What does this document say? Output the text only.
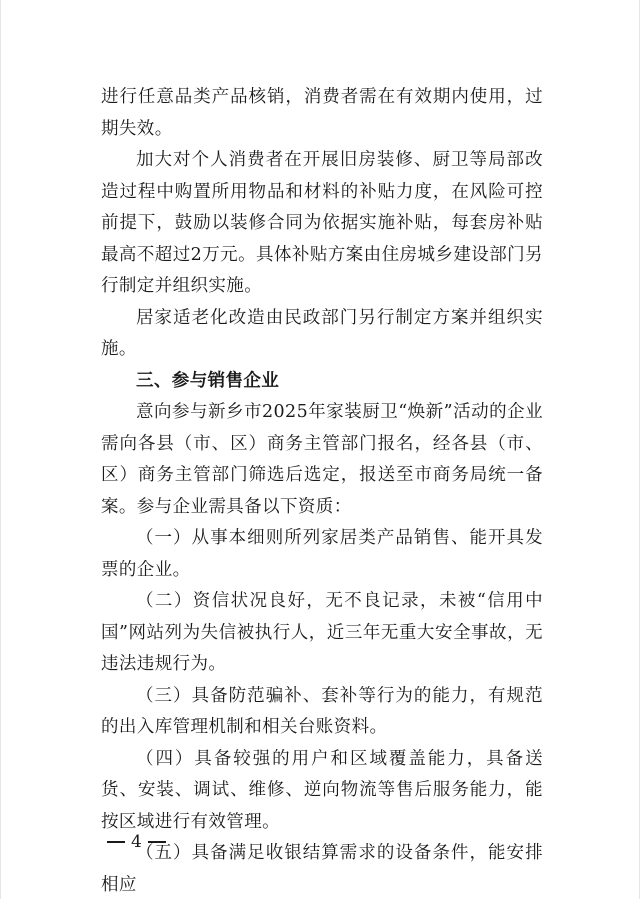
进行任意品类产品核销，消费者需在有效期内使用，过期失效。

加大对个人消费者在开展旧房装修、厨卫等局部改造过程中购置所用物品和材料的补贴力度，在风险可控前提下，鼓励以装修合同为依据实施补贴，每套房补贴最高不超过2万元。具体补贴方案由住房城乡建设部门另行制定并组织实施。

居家适老化改造由民政部门另行制定方案并组织实施。

三、参与销售企业

意向参与新乡市2025年家装厨卫“焕新”活动的企业需向各县（市、区）商务主管部门报名，经各县（市、区）商务主管部门筛选后选定，报送至市商务局统一备案。参与企业需具备以下资质：

（一）从事本细则所列家居类产品销售、能开具发票的企业。

（二）资信状况良好，无不良记录，未被“信用中国”网站列为失信被执行人，近三年无重大安全事故，无违法违规行为。

（三）具备防范骗补、套补等行为的能力，有规范的出入库管理机制和相关台账资料。

（四）具备较强的用户和区域覆盖能力，具备送货、安装、调试、维修、逆向物流等售后服务能力，能按区域进行有效管理。

（五）具备满足收银结算需求的设备条件，能安排相应

4
